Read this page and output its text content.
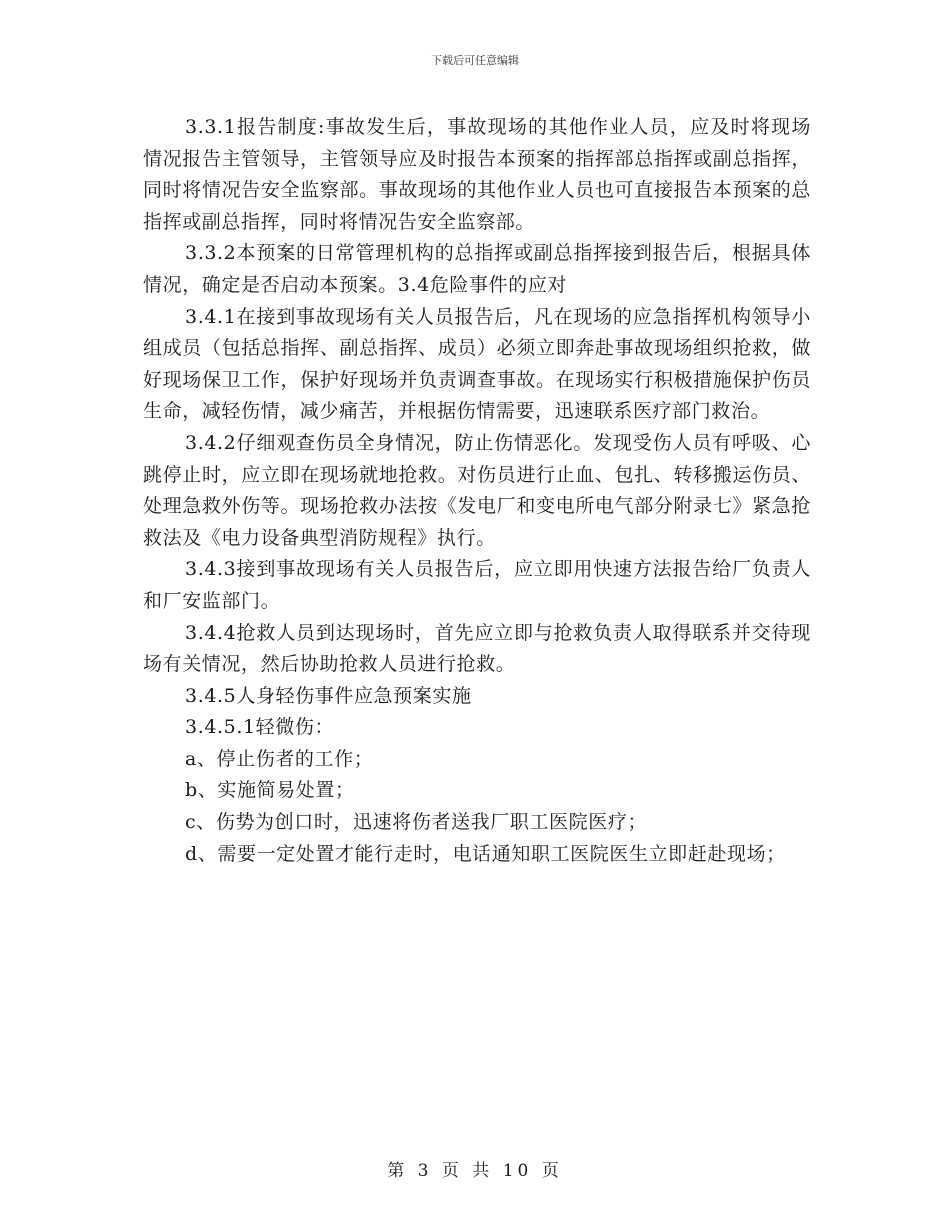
下载后可任意编辑

3.3.1报告制度:事故发生后，事故现场的其他作业人员，应及时将现场情况报告主管领导，主管领导应及时报告本预案的指挥部总指挥或副总指挥，同时将情况告安全监察部。事故现场的其他作业人员也可直接报告本预案的总指挥或副总指挥，同时将情况告安全监察部。

3.3.2本预案的日常管理机构的总指挥或副总指挥接到报告后，根据具体情况，确定是否启动本预案。3.4危险事件的应对

3.4.1在接到事故现场有关人员报告后，凡在现场的应急指挥机构领导小组成员（包括总指挥、副总指挥、成员）必须立即奔赴事故现场组织抢救，做好现场保卫工作，保护好现场并负责调查事故。在现场实行积极措施保护伤员生命，减轻伤情，减少痛苦，并根据伤情需要，迅速联系医疗部门救治。

3.4.2仔细观查伤员全身情况，防止伤情恶化。发现受伤人员有呼吸、心跳停止时，应立即在现场就地抢救。对伤员进行止血、包扎、转移搬运伤员、处理急救外伤等。现场抢救办法按《发电厂和变电所电气部分附录七》紧急抢救法及《电力设备典型消防规程》执行。

3.4.3接到事故现场有关人员报告后，应立即用快速方法报告给厂负责人和厂安监部门。

3.4.4抢救人员到达现场时，首先应立即与抢救负责人取得联系并交待现场有关情况，然后协助抢救人员进行抢救。

3.4.5人身轻伤事件应急预案实施

3.4.5.1轻微伤：

a、停止伤者的工作；

b、实施简易处置；

c、伤势为创口时，迅速将伤者送我厂职工医院医疗；

d、需要一定处置才能行走时，电话通知职工医院医生立即赶赴现场；

第 3 页 共 10 页
